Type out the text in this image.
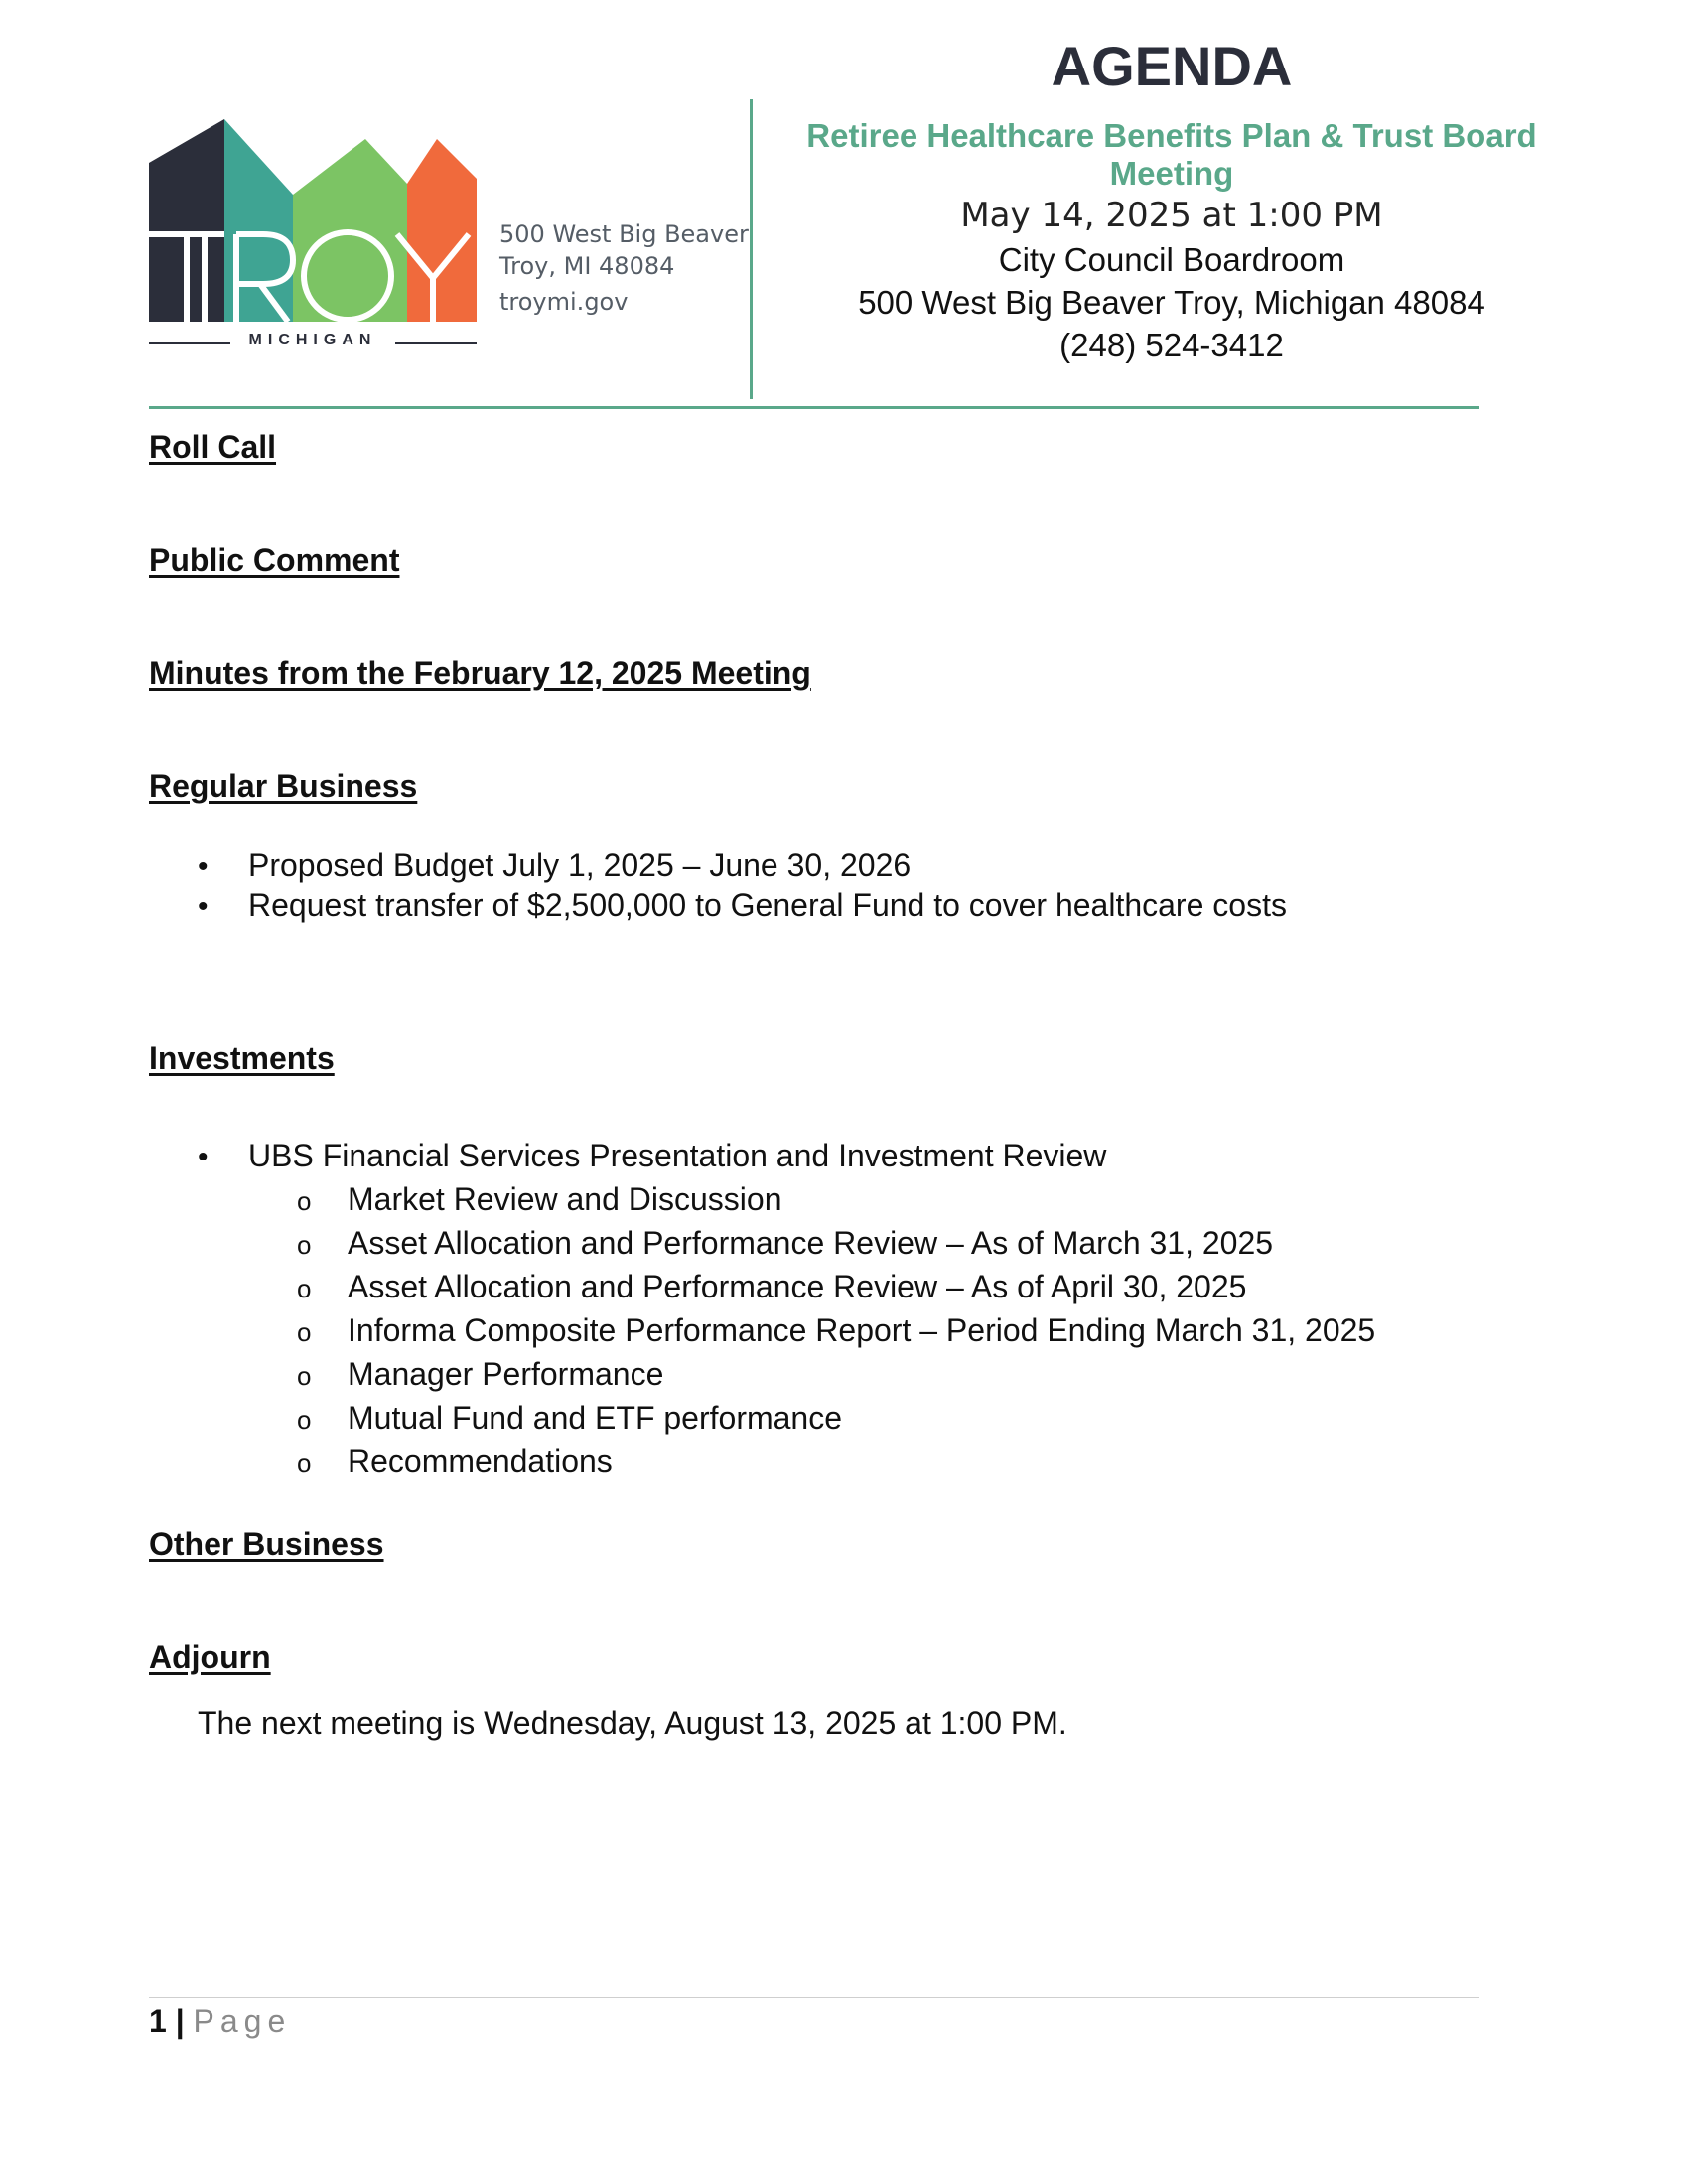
MICHIGAN
500 West Big Beaver
Troy, MI 48084
troymi.gov
AGENDA
Retiree Healthcare Benefits Plan & Trust Board
Meeting
May 14, 2025 at 1:00 PM
City Council Boardroom
500 West Big Beaver Troy, Michigan 48084
(248) 524-3412
Roll Call
Public Comment
Minutes from the February 12, 2025 Meeting
Regular Business
• Proposed Budget July 1, 2025 – June 30, 2026
• Request transfer of $2,500,000 to General Fund to cover healthcare costs
Investments
• UBS Financial Services Presentation and Investment Review
o Market Review and Discussion
o Asset Allocation and Performance Review – As of March 31, 2025
o Asset Allocation and Performance Review – As of April 30, 2025
o Informa Composite Performance Report – Period Ending March 31, 2025
o Manager Performance
o Mutual Fund and ETF performance
o Recommendations
Other Business
Adjourn
The next meeting is Wednesday, August 13, 2025 at 1:00 PM.
1 | Page
